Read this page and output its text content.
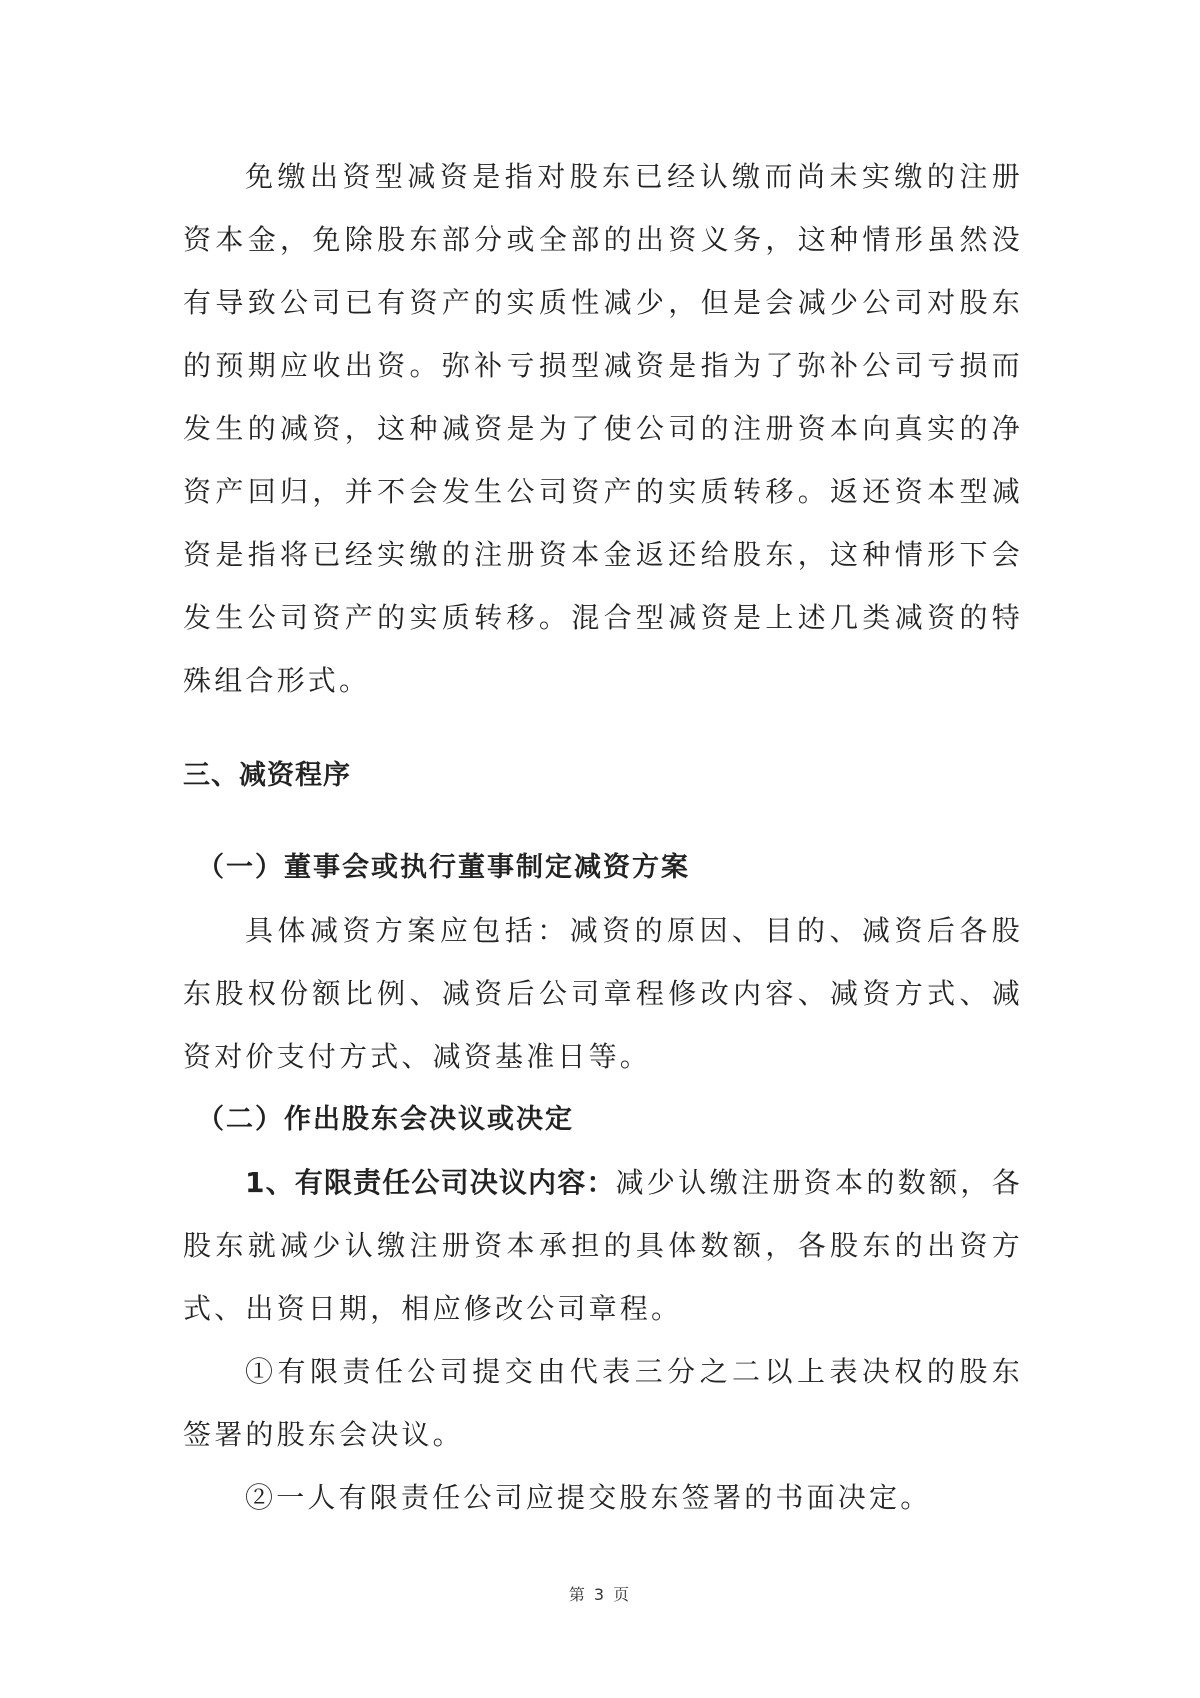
免缴出资型减资是指对股东已经认缴而尚未实缴的注册资本金，免除股东部分或全部的出资义务，这种情形虽然没有导致公司已有资产的实质性减少，但是会减少公司对股东的预期应收出资。弥补亏损型减资是指为了弥补公司亏损而发生的减资，这种减资是为了使公司的注册资本向真实的净资产回归，并不会发生公司资产的实质转移。返还资本型减资是指将已经实缴的注册资本金返还给股东，这种情形下会发生公司资产的实质转移。混合型减资是上述几类减资的特殊组合形式。

三、减资程序
（一）董事会或执行董事制定减资方案

具体减资方案应包括：减资的原因、目的、减资后各股东股权份额比例、减资后公司章程修改内容、减资方式、减资对价支付方式、减资基准日等。

（二）作出股东会决议或决定

1、有限责任公司决议内容：减少认缴注册资本的数额，各股东就减少认缴注册资本承担的具体数额，各股东的出资方式、出资日期，相应修改公司章程。

①有限责任公司提交由代表三分之二以上表决权的股东签署的股东会决议。

②一人有限责任公司应提交股东签署的书面决定。

第 3 页
